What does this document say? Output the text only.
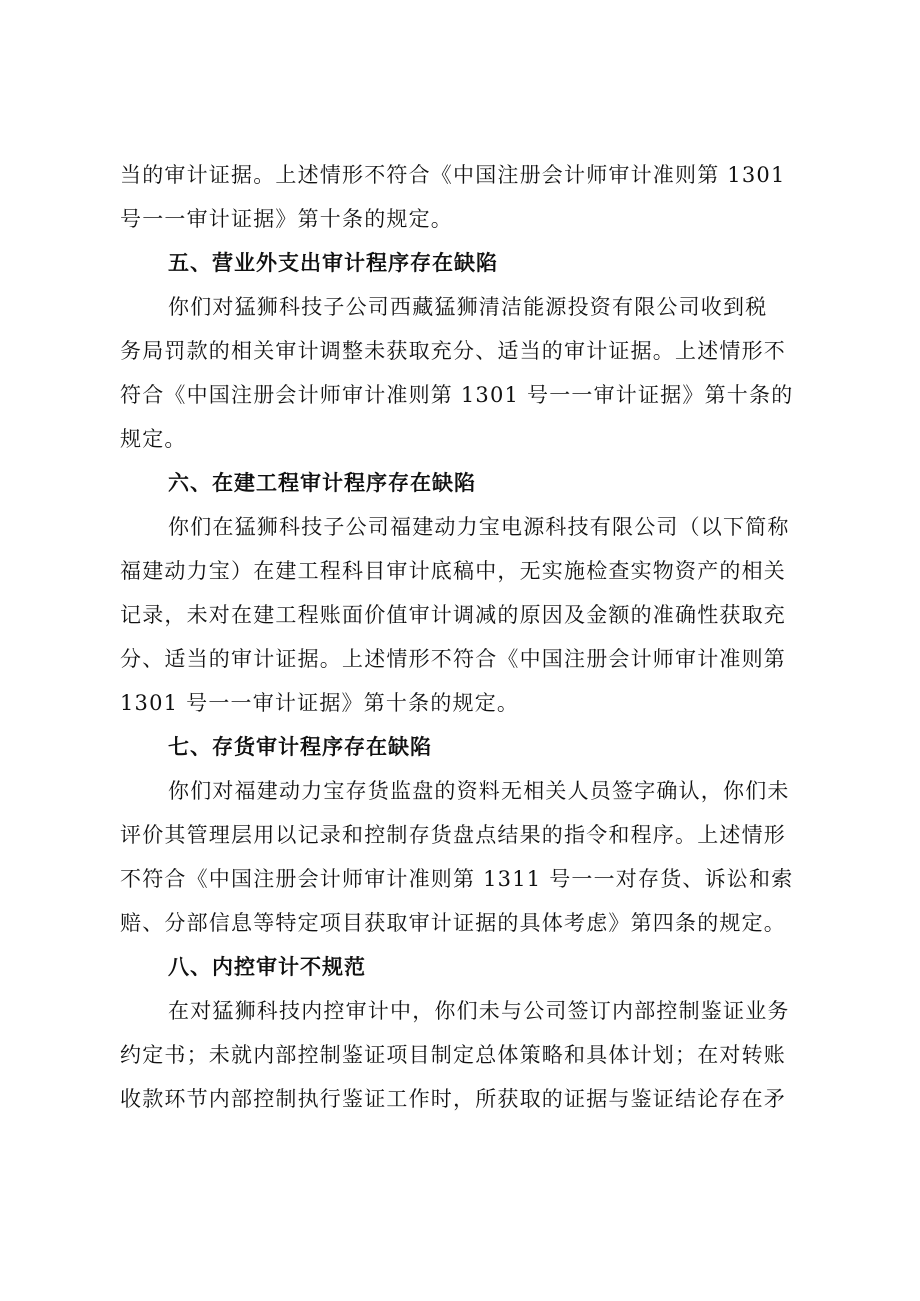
当的审计证据。上述情形不符合《中国注册会计师审计准则第 1301
号一一审计证据》第十条的规定。
五、营业外支出审计程序存在缺陷
你们对猛狮科技子公司西藏猛狮清洁能源投资有限公司收到税
务局罚款的相关审计调整未获取充分、适当的审计证据。上述情形不
符合《中国注册会计师审计准则第 1301 号一一审计证据》第十条的
规定。
六、在建工程审计程序存在缺陷
你们在猛狮科技子公司福建动力宝电源科技有限公司（以下简称
福建动力宝）在建工程科目审计底稿中，无实施检查实物资产的相关
记录，未对在建工程账面价值审计调减的原因及金额的准确性获取充
分、适当的审计证据。上述情形不符合《中国注册会计师审计准则第
1301 号一一审计证据》第十条的规定。
七、存货审计程序存在缺陷
你们对福建动力宝存货监盘的资料无相关人员签字确认，你们未
评价其管理层用以记录和控制存货盘点结果的指令和程序。上述情形
不符合《中国注册会计师审计准则第 1311 号一一对存货、诉讼和索
赔、分部信息等特定项目获取审计证据的具体考虑》第四条的规定。
八、内控审计不规范
在对猛狮科技内控审计中，你们未与公司签订内部控制鉴证业务
约定书；未就内部控制鉴证项目制定总体策略和具体计划；在对转账
收款环节内部控制执行鉴证工作时，所获取的证据与鉴证结论存在矛
